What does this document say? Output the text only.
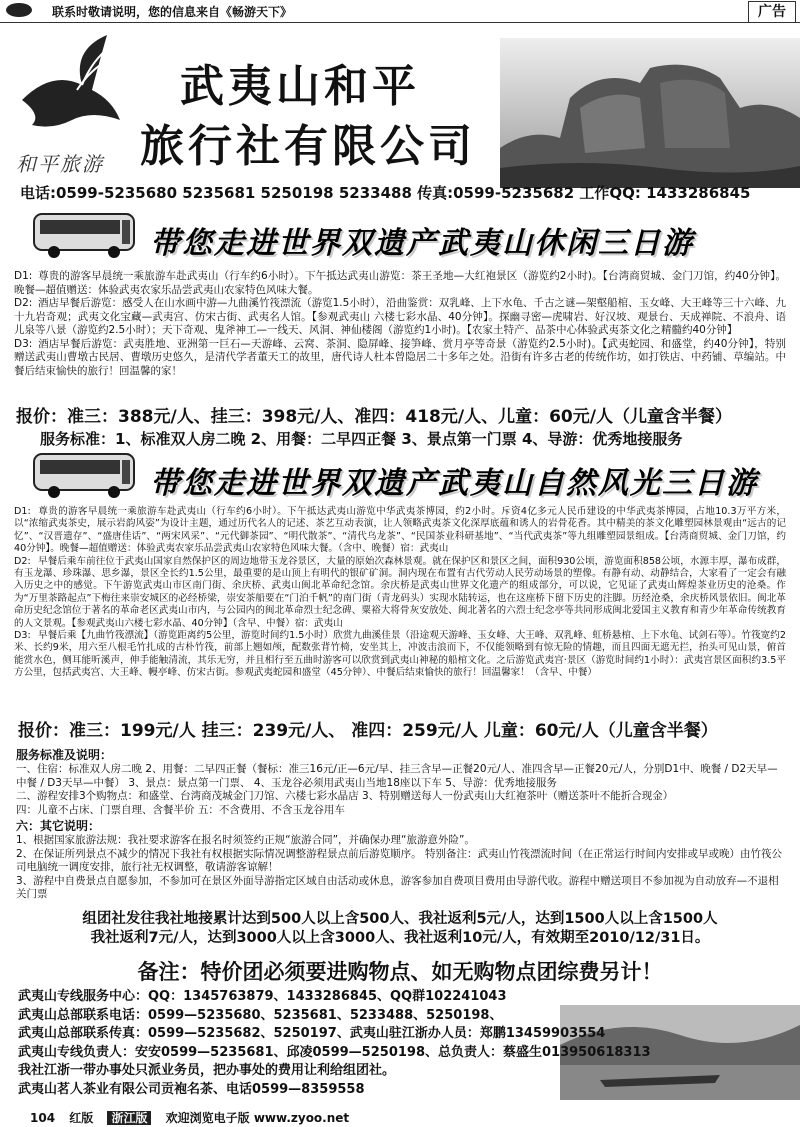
联系时敬请说明，您的信息来自《畅游天下》	广告
和平旅游
武夷山和平
旅行社有限公司
电话:0599-5235680 5235681 5250198 5233488 传真:0599-5235682 工作QQ: 1433286845
带您走进世界双遗产武夷山休闲三日游
D1: 尊贵的游客早晨统一乘旅游车赴武夷山（行车约6小时）。下午抵达武夷山游览：茶王圣地—大红袍景区（游览约2小时)。【台湾商贸城、金门刀馆，约40分钟】。晚餐—超值赠送：体验武夷农家乐品尝武夷山农家特色风味大餐。
D2: 酒店早餐后游览：感受人在山水画中游—九曲溪竹筏漂流（游览1.5小时），沿曲鉴赏：双乳峰、上下水龟、千古之谜—架壑船棺、玉女峰、大王峰等三十六峰、九十九岩奇观；武夷文化宝藏—武夷宫、仿宋古街、武夷名人馆。【参观武夷山 六楼七彩水晶、40分钟】。探幽寻密—虎啸岩、好汉坡、观景台、天成禅院、不浪舟、语儿泉等八景（游览约2.5小时）；天下奇观、鬼斧神工—一线天、风洞、神仙楼阁（游览约1小时)。【农家土特产、品茶中心体验武夷茶文化之精髓约40分钟】
D3: 酒店早餐后游览：武夷胜地、亚洲第一巨石—天游峰、云窝、茶洞、隐屏峰、接笋峰、赏月亭等奇景（游览约2.5小时)。【武夷蛇园、和盛堂，约40分钟】，特别赠送武夷山曹墩古民居、曹墩历史悠久，是清代学者董天工的故里，唐代诗人杜本曾隐居二十多年之处。沿街有许多古老的传统作坊，如打铁店、中药铺、草编站。中餐后结束愉快的旅行！回温馨的家！
报价：准三：388元/人、挂三：398元/人、准四：418元/人、儿童：60元/人（儿童含半餐）
服务标准：1、标准双人房二晚 2、用餐：二早四正餐 3、景点第一门票 4、导游：优秀地接服务
带您走进世界双遗产武夷山自然风光三日游
D1: 尊贵的游客早晨统一乘旅游车赴武夷山（行车约6小时）。下午抵达武夷山游览中华武夷茶博园，约2小时。斥资4亿多元人民币建设的中华武夷茶博园，占地10.3万平方米，以“浓缩武夷茶史，展示岩韵风姿”为设计主题，通过历代名人的记述、茶艺互动表演，让人领略武夷茶文化深厚底蕴和诱人的岩骨花香。其中精美的茶文化雕塑园林景观由“远古的记忆”、“汉晋遗存”、“盛唐佳话”、“两宋风采”、“元代御茶园”、“明代散茶”、“清代乌龙茶”、“民国茶业科研基地”、“当代武夷茶”等九组雕塑园景组成。【台湾商贸城、金门刀馆，约40分钟】。晚餐—超值赠送：体验武夷农家乐品尝武夷山农家特色风味大餐。（含中、晚餐）宿：武夷山
D2: 早餐后乘车前往位于武夷山国家自然保护区的周边地带玉龙谷景区，大量的原始次森林景观。就在保护区和景区之间，面积930公顷，游览面积858公顷，水源丰厚，瀑布成群，有玉龙瀑、珍珠瀑、思乡瀑，景区全长约1.5公里，最重要的是山顶上有明代的银矿矿洞。洞内现在布置有古代劳动人民劳动场景的塑像。有静有动、动静结合，大家看了一定会有融入历史之中的感觉。下午游览武夷山市区南门街、余庆桥、武夷山闽北革命纪念馆。余庆桥是武夷山世界文化遗产的组成部分，可以说，它见证了武夷山辉煌茶业历史的沧桑。作为“万里茶路起点”下梅往来崇安城区的必经桥梁，崇安茶船要在“门泊千帆”的南门街（青龙码头）实现水陆转运，也在这座桥下留下历史的注脚。历经沧桑，余庆桥风景依旧。闽北革命历史纪念馆位于著名的革命老区武夷山市内，与公园内的闽北革命烈士纪念碑、粟裕大将骨灰安放处、闽北著名的六烈士纪念亭等共同形成闽北爱国主义教育和青少年革命传统教育的人文景观。【参观武夷山六楼七彩水晶、40分钟】（含早、中餐）宿：武夷山
D3: 早餐后乘【九曲竹筏漂流】（游览距离约5公里，游览时间约1.5小时）欣赏九曲溪佳景（沿途观天游峰、玉女峰、大王峰、双乳峰、虹桥悬棺、上下水龟、试剑石等）。竹筏宽约2米、长约9米，用六至八根毛竹扎成的古朴竹筏，前部上翘如颅，配数张背竹椅，安坐其上，冲波击浪而下，不仅能领略到有惊无险的情趣，而且四面无遮无拦，抬头可见山景，俯首能赏水色，侧耳能听溪声，伸手能触清流，其乐无穷，并且相行至五曲时游客可以欣赏到武夷山神秘的船棺文化。之后游览武夷宫·景区（游览时间约1小时）：武夷宫景区面积约3.5平方公里，包括武夷宫、大王峰、幔亭峰、仿宋古街。参观武夷蛇园和盛堂（45分钟）、中餐后结束愉快的旅行！回温馨家！（含早、中餐）
报价：准三：199元/人 挂三：239元/人、 准四：259元/人 儿童：60元/人（儿童含半餐）
服务标准及说明：
一、住宿：标准双人房二晚 2、用餐：二早四正餐（餐标：准三16元/正—6元/早、挂三含早—正餐20元/人、准四含早—正餐20元/人，分别D1中、晚餐 / D2天早—中餐 / D3天早—中餐） 3、景点：景点第一门票、 4、玉龙谷必须用武夷山当地18座以下车 5、导游：优秀地接服务
二、游程安排3个购物点：和盛堂、台湾商茂城金门刀馆、六楼七彩水晶店 3、特别赠送每人一份武夷山大红袍茶叶（赠送茶叶不能折合现金）
四：儿童不占床、门票自理、含餐半价 五：不含费用、不含玉龙谷用车
六：其它说明：
1、根据国家旅游法规：我社要求游客在报名时须签约正规“旅游合同”，并确保办理“旅游意外险”。
2、在保证所列景点不减少的情况下我社有权根据实际情况调整游程景点前后游览顺序。 特别备注：武夷山竹筏漂流时间（在正常运行时间内安排或早或晚）由竹筏公司电脑统一调度安排，旅行社无权调整，敬请游客谅解！
3、游程中自费景点自愿参加，不参加可在景区外面导游指定区域自由活动或休息，游客参加自费项目费用由导游代收。游程中赠送项目不参加视为自动放弃—不退相关门票
组团社发往我社地接累计达到500人以上含500人、我社返利5元/人，达到1500人以上含1500人
我社返利7元/人，达到3000人以上含3000人、我社返利10元/人，有效期至2010/12/31日。
备注：特价团必须要进购物点、如无购物点团综费另计！
武夷山专线服务中心：QQ：1345763879、1433286845、QQ群102241043
武夷山总部联系电话：0599—5235680、5235681、5233488、5250198、
武夷山总部联系传真：0599—5235682、5250197、武夷山驻江浙办人员：郑鹏13459903554
武夷山专线负责人：安安0599—5235681、邱凌0599—5250198、总负责人：蔡盛生013950618313
我社江浙一带办事处只派业务员，把办事处的费用让利给组团社。
武夷山茗人茶业有限公司贡袍名茶、电话0599—8359558
104 红版 浙江版 欢迎浏览电子版 www.zyoo.net
